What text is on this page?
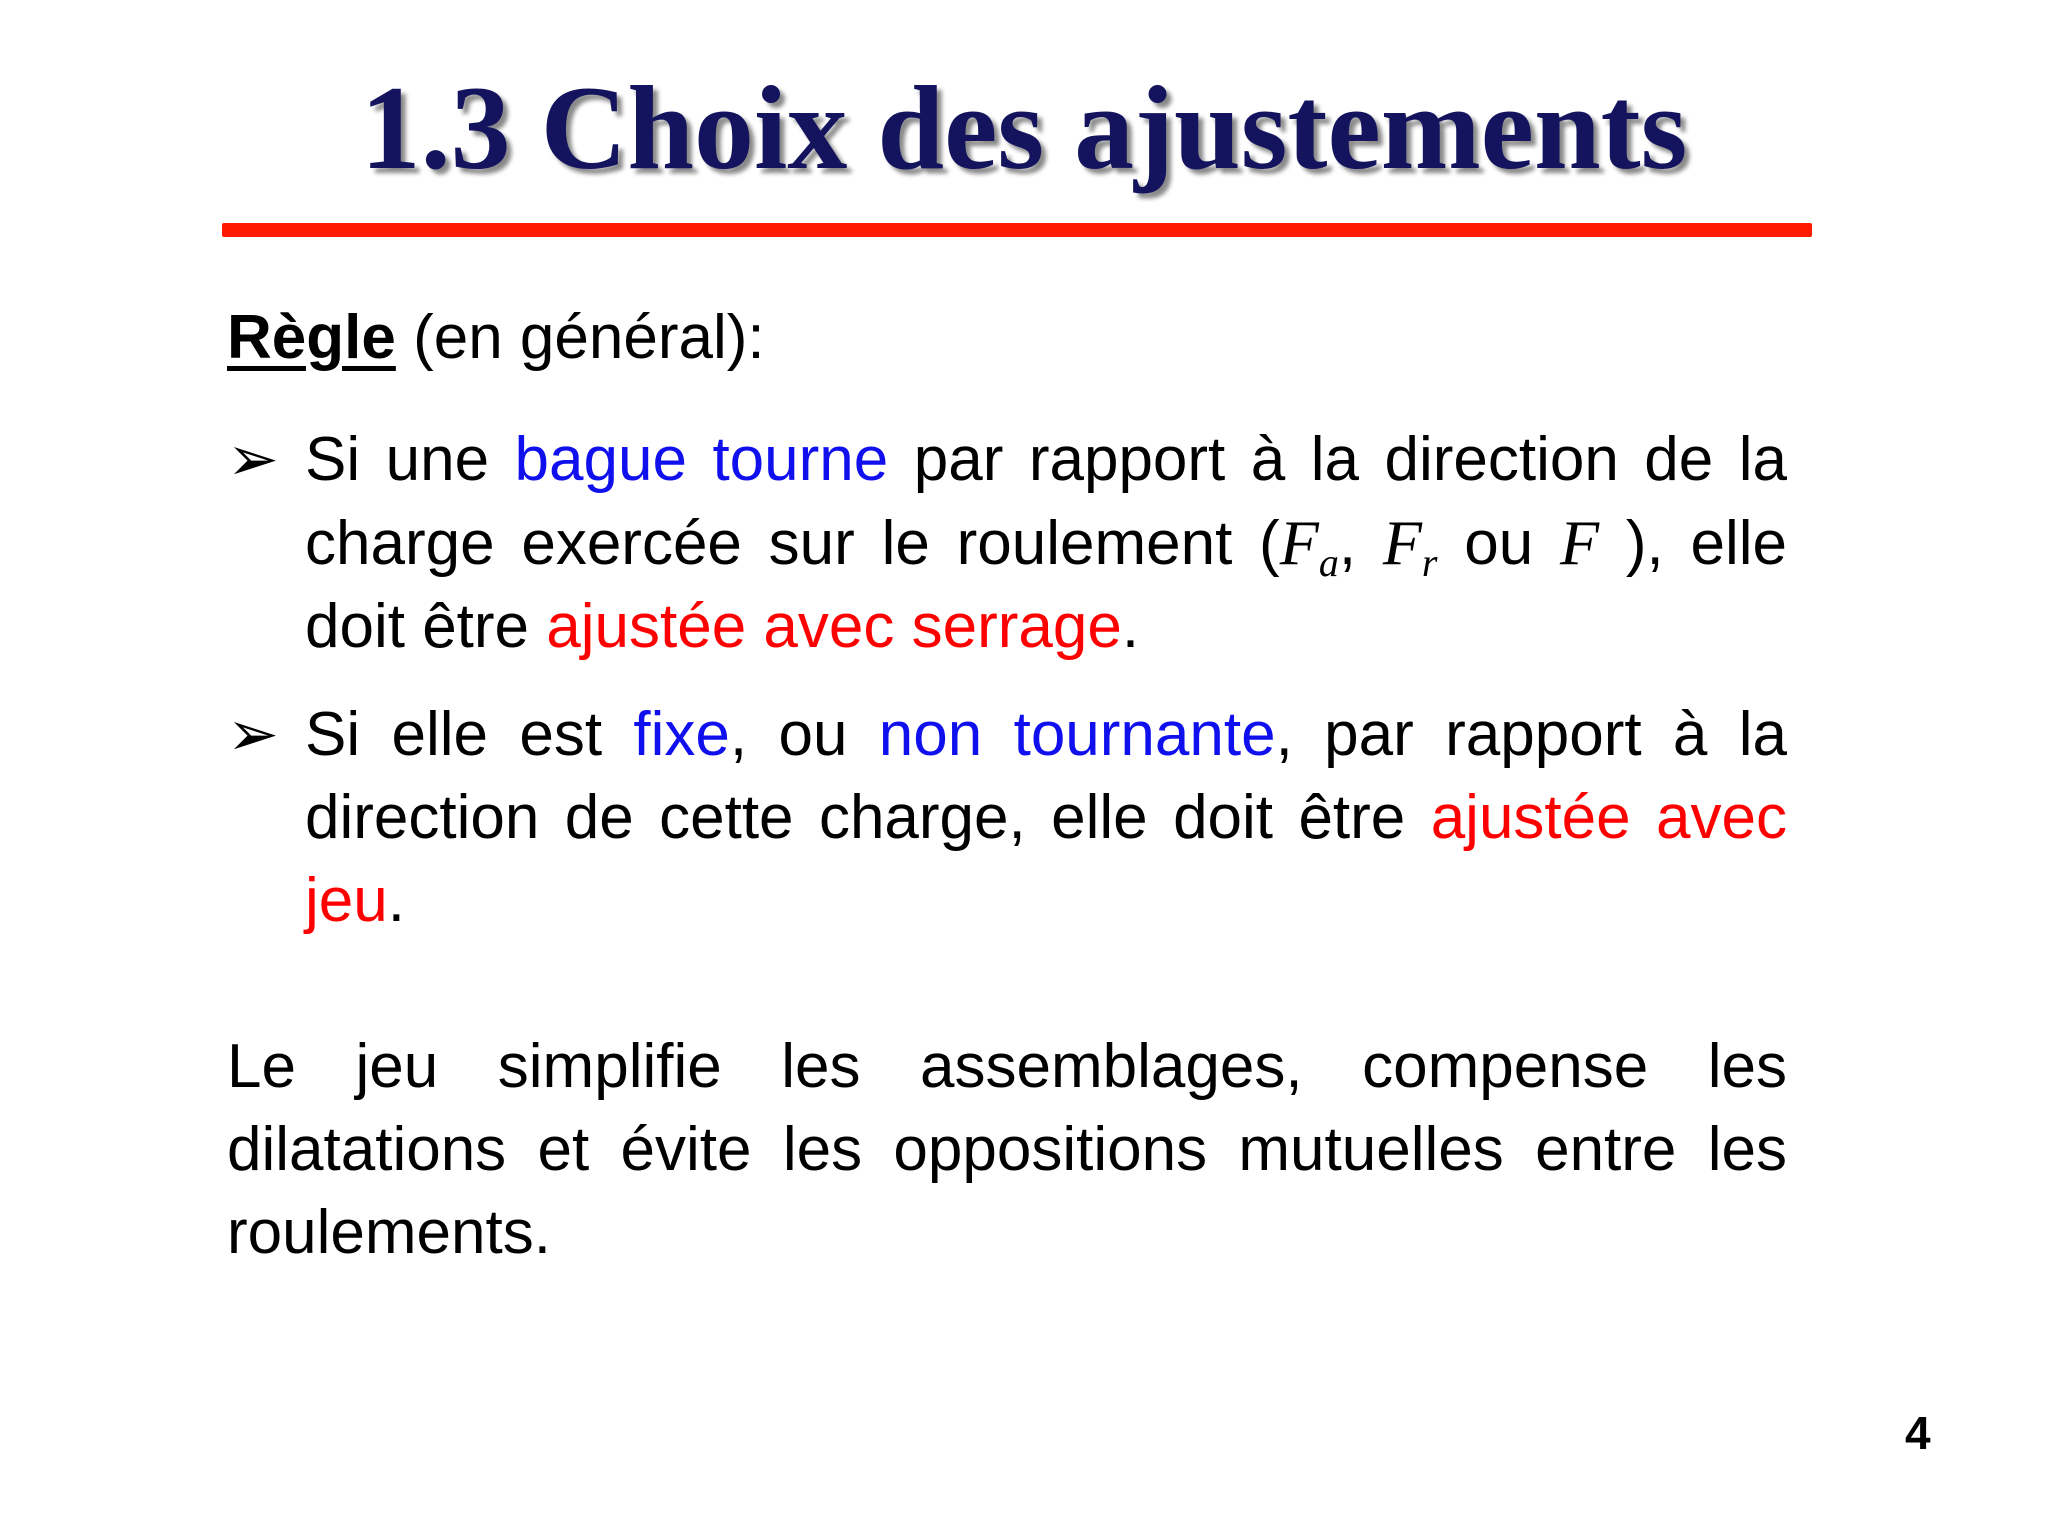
1.3 Choix des ajustements

Règle (en général):

➢ Si une bague tourne par rapport à la direction de la charge exercée sur le roulement ($F_a$, $F_r$ ou F ), elle doit être ajustée avec serrage.
➢ Si elle est fixe, ou non tournante, par rapport à la direction de cette charge, elle doit être ajustée avec jeu.

Le jeu simplifie les assemblages, compense les dilatations et évite les oppositions mutuelles entre les roulements.

4
